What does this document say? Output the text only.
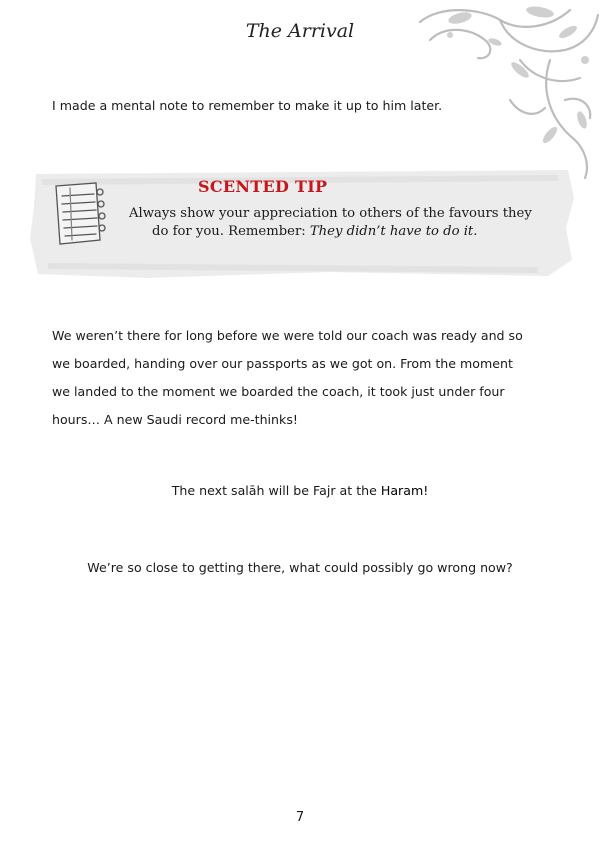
The Arrival

I made a mental note to remember to make it up to him later.

SCENTED TIP
Always show your appreciation to others of the favours they
do for you. Remember: They didn’t have to do it.
We weren’t there for long before we were told our coach was ready and so
we boarded, handing over our passports as we got on. From the moment
we landed to the moment we boarded the coach, it took just under four
hours… A new Saudi record me-thinks!
The next salāh will be Fajr at the Haram!
We’re so close to getting there, what could possibly go wrong now?
7
